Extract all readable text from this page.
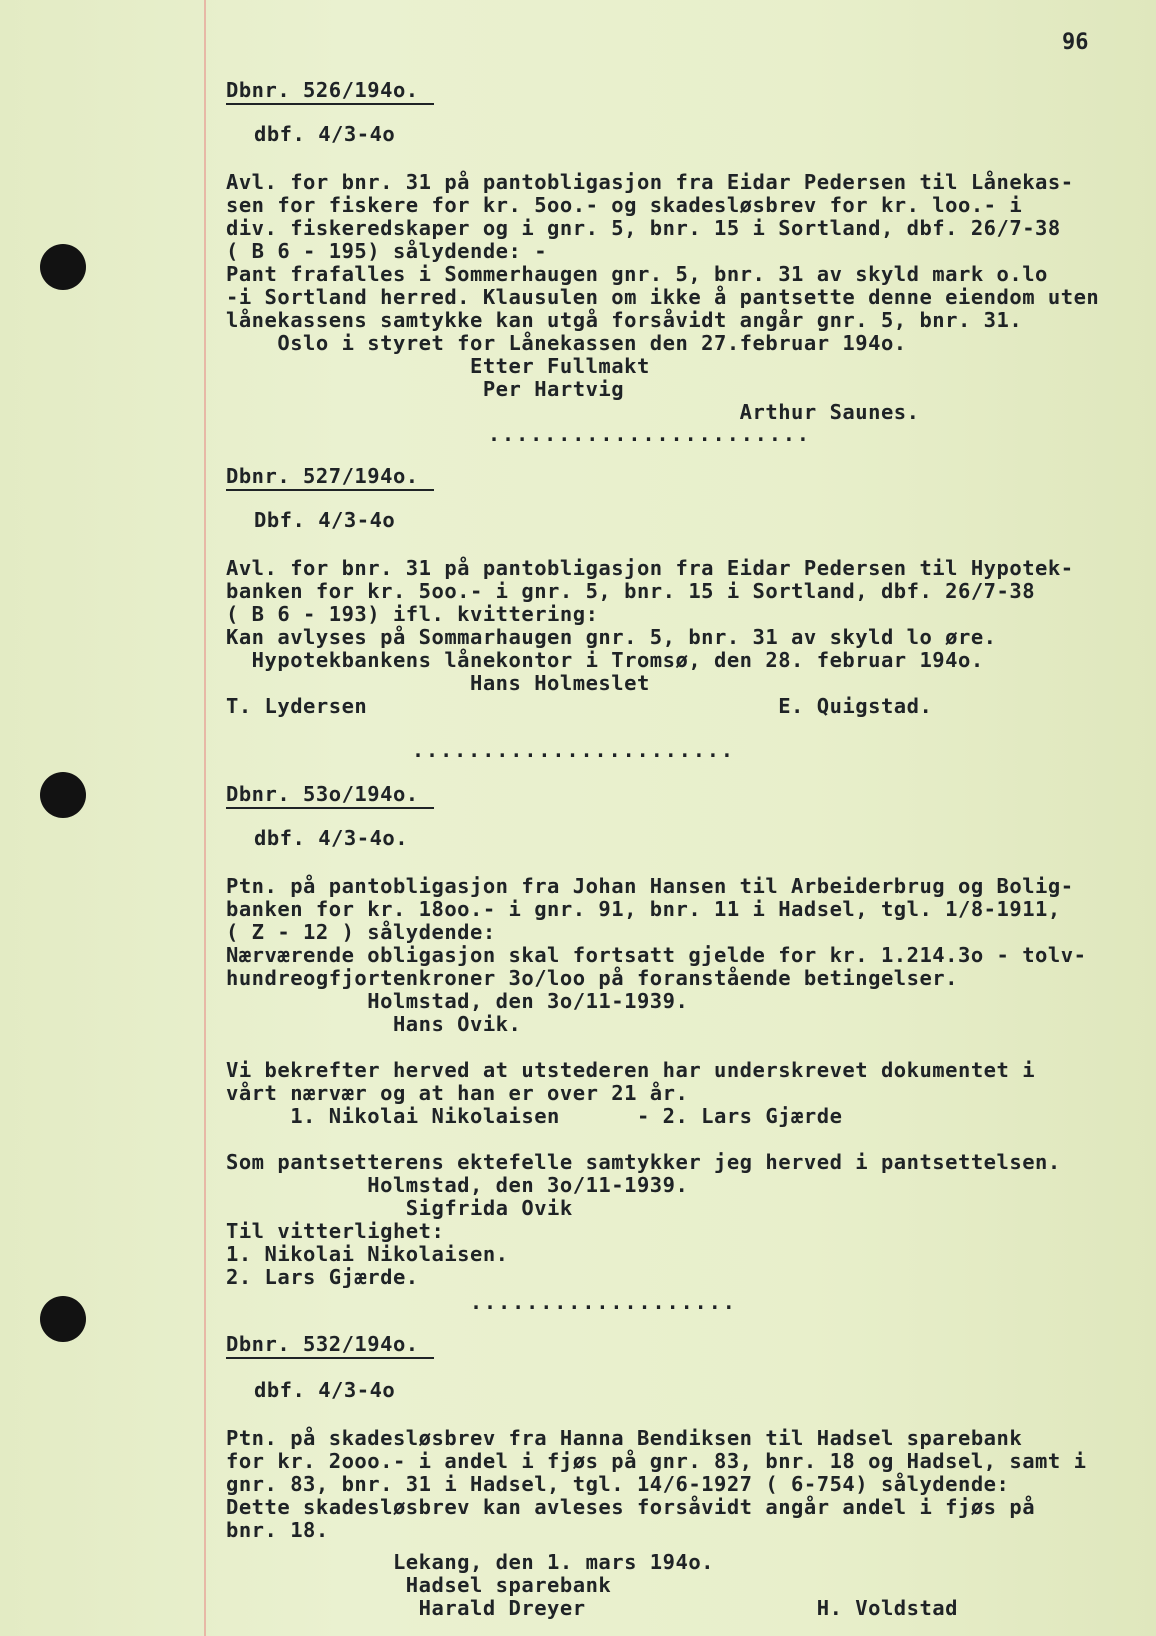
96
Dbnr. 526/194o.
dbf. 4/3-4o
Avl. for bnr. 31 på pantobligasjon fra Eidar Pedersen til Lånekas-
sen for fiskere for kr. 5oo.- og skadesløsbrev for kr. loo.- i
div. fiskeredskaper og i gnr. 5, bnr. 15 i Sortland, dbf. 26/7-38
( B 6 - 195) sålydende: -
Pant frafalles i Sommerhaugen gnr. 5, bnr. 31 av skyld mark o.lo
-i Sortland herred. Klausulen om ikke å pantsette denne eiendom uten
lånekassens samtykke kan utgå forsåvidt angår gnr. 5, bnr. 31.
Oslo i styret for Lånekassen den 27.februar 194o.
Etter Fullmakt
Per Hartvig
Arthur Saunes.
.......................
Dbnr. 527/194o.
Dbf. 4/3-4o
Avl. for bnr. 31 på pantobligasjon fra Eidar Pedersen til Hypotek-
banken for kr. 5oo.- i gnr. 5, bnr. 15 i Sortland, dbf. 26/7-38
( B 6 - 193) ifl. kvittering:
Kan avlyses på Sommarhaugen gnr. 5, bnr. 31 av skyld lo øre.
Hypotekbankens lånekontor i Tromsø, den 28. februar 194o.
Hans Holmeslet
T. Lydersen                                E. Quigstad.
.......................
Dbnr. 53o/194o.
dbf. 4/3-4o.
Ptn. på pantobligasjon fra Johan Hansen til Arbeiderbrug og Bolig-
banken for kr. 18oo.- i gnr. 91, bnr. 11 i Hadsel, tgl. 1/8-1911,
( Z - 12 ) sålydende:
Nærværende obligasjon skal fortsatt gjelde for kr. 1.214.3o - tolv-
hundreogfjortenkroner 3o/loo på foranstående betingelser.
Holmstad, den 3o/11-1939.
Hans Ovik.
Vi bekrefter herved at utstederen har underskrevet dokumentet i
vårt nærvær og at han er over 21 år.
1. Nikolai Nikolaisen      - 2. Lars Gjærde
Som pantsetterens ektefelle samtykker jeg herved i pantsettelsen.
Holmstad, den 3o/11-1939.
Sigfrida Ovik
Til vitterlighet:
1. Nikolai Nikolaisen.
2. Lars Gjærde.
...................
Dbnr. 532/194o.
dbf. 4/3-4o
Ptn. på skadesløsbrev fra Hanna Bendiksen til Hadsel sparebank
for kr. 2ooo.- i andel i fjøs på gnr. 83, bnr. 18 og Hadsel, samt i
gnr. 83, bnr. 31 i Hadsel, tgl. 14/6-1927 ( 6-754) sålydende:
Dette skadesløsbrev kan avleses forsåvidt angår andel i fjøs på
bnr. 18.
Lekang, den 1. mars 194o.
Hadsel sparebank
Harald Dreyer                  H. Voldstad
